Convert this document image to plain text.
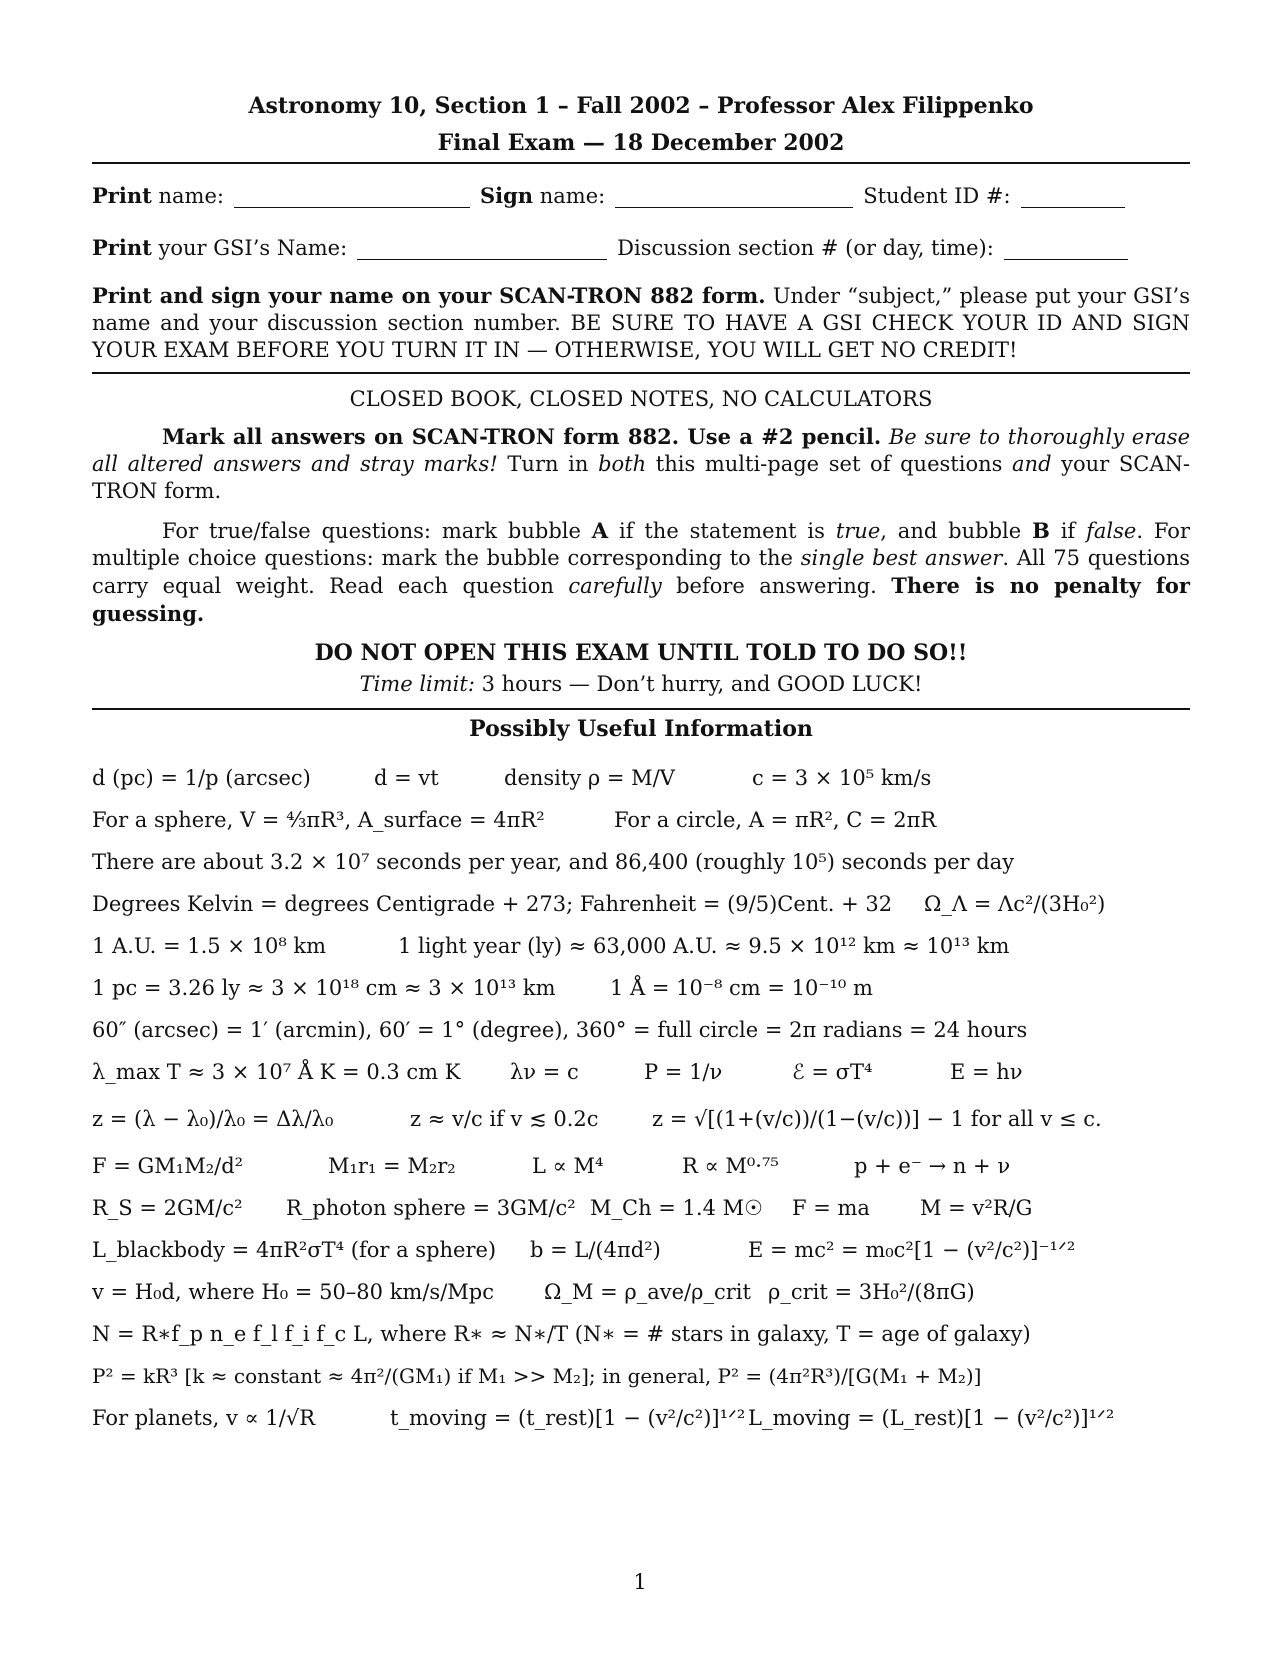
Astronomy 10, Section 1 – Fall 2002 – Professor Alex Filippenko

Final Exam — 18 December 2002

Print name:	Sign name:	Student ID #:
Print your GSI’s Name:	Discussion section # (or day, time):

Print and sign your name on your SCAN-TRON 882 form. Under “subject,” please put your GSI’s name and your discussion section number. BE SURE TO HAVE A GSI CHECK YOUR ID AND SIGN YOUR EXAM BEFORE YOU TURN IT IN — OTHERWISE, YOU WILL GET NO CREDIT!

CLOSED BOOK, CLOSED NOTES, NO CALCULATORS

Mark all answers on SCAN-TRON form 882. Use a #2 pencil. Be sure to thoroughly erase all altered answers and stray marks! Turn in both this multi-page set of questions and your SCAN-TRON form.

For true/false questions: mark bubble A if the statement is true, and bubble B if false. For multiple choice questions: mark the bubble corresponding to the single best answer. All 75 questions carry equal weight. Read each question carefully before answering. There is no penalty for guessing.

DO NOT OPEN THIS EXAM UNTIL TOLD TO DO SO!!

Time limit: 3 hours — Don’t hurry, and GOOD LUCK!

Possibly Useful Information

d (pc) = 1/p (arcsec)	d = vt	density ρ = M/V	c = 3 × 10⁵ km/s
For a sphere, V = ⁴⁄₃πR³, A_surface = 4πR²	For a circle, A = πR², C = 2πR
There are about 3.2 × 10⁷ seconds per year, and 86,400 (roughly 10⁵) seconds per day
Degrees Kelvin = degrees Centigrade + 273; Fahrenheit = (9/5)Cent. + 32 Ω_Λ = Λc²/(3H₀²)
1 A.U. = 1.5 × 10⁸ km	1 light year (ly) ≈ 63,000 A.U. ≈ 9.5 × 10¹² km ≈ 10¹³ km
1 pc = 3.26 ly ≈ 3 × 10¹⁸ cm ≈ 3 × 10¹³ km	1 Å = 10⁻⁸ cm = 10⁻¹⁰ m
60″ (arcsec) = 1′ (arcmin), 60′ = 1° (degree), 360° = full circle = 2π radians = 24 hours
λ_max T ≈ 3 × 10⁷ Å K = 0.3 cm K λν = c	P = 1/ν	ℰ = σT⁴	E = hν
z = (λ − λ₀)/λ₀ = Δλ/λ₀	z ≈ v/c if v ≲ 0.2c	z = √[(1+(v/c))/(1−(v/c))] − 1 for all v ≤ c.
F = GM₁M₂/d²	M₁r₁ = M₂r₂	L ∝ M⁴	R ∝ M⁰·⁷⁵	p + e⁻ → n + ν
R_S = 2GM/c² R_photon sphere = 3GM/c² M_Ch = 1.4 M☉ F = ma M = v²R/G
L_blackbody = 4πR²σT⁴ (for a sphere) b = L/(4πd²)	E = mc² = m₀c²[1 − (v²/c²)]⁻¹ᐟ²
v = H₀d, where H₀ = 50–80 km/s/Mpc Ω_M = ρ_ave/ρ_crit ρ_crit = 3H₀²/(8πG)
N = R∗f_p n_e f_l f_i f_c L, where R∗ ≈ N∗/T (N∗ = # stars in galaxy, T = age of galaxy)
P² = kR³ [k ≈ constant ≈ 4π²/(GM₁) if M₁ >> M₂]; in general, P² = (4π²R³)/[G(M₁ + M₂)]
For planets, v ∝ 1/√R	t_moving = (t_rest)[1 − (v²/c²)]¹ᐟ² L_moving = (L_rest)[1 − (v²/c²)]¹ᐟ²
1
